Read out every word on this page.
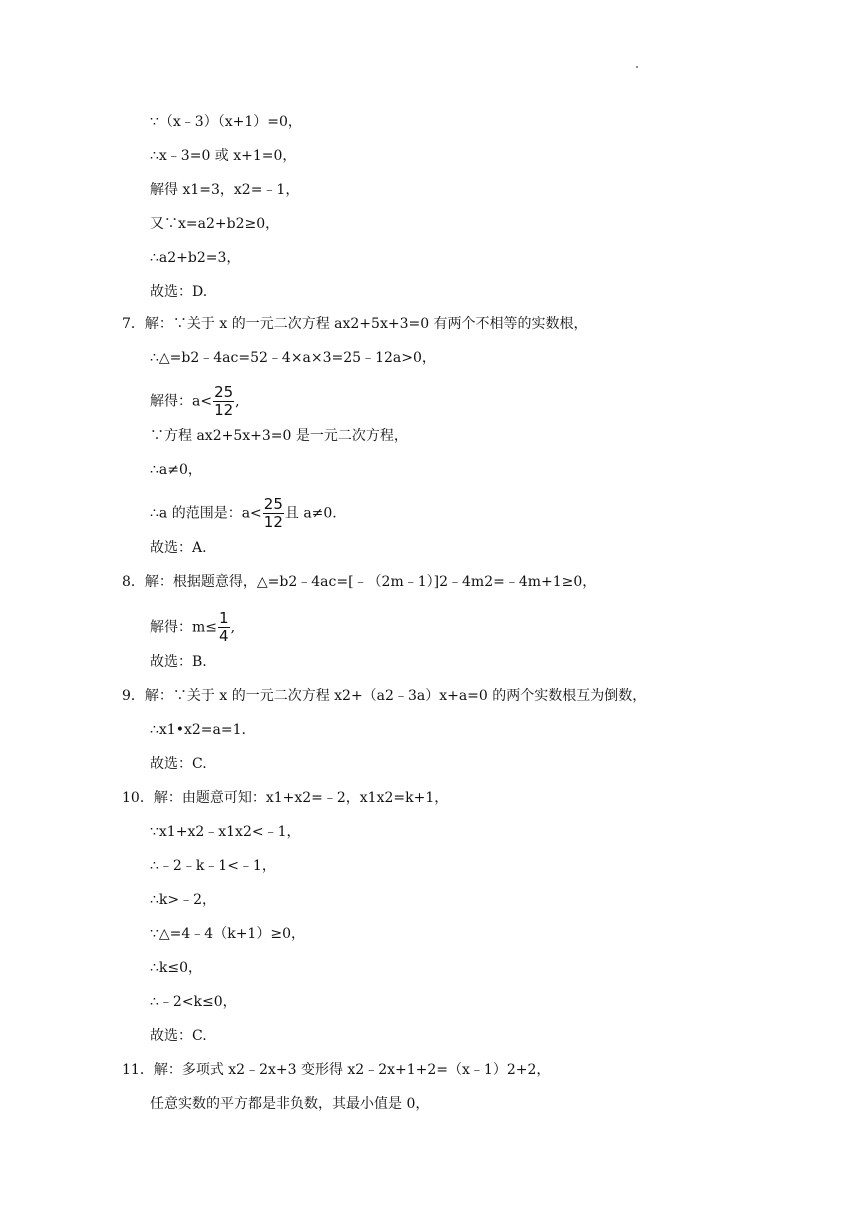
∵（x﹣3）（x+1）=0，
∴x﹣3=0 或 x+1=0，
解得 x1=3，x2=﹣1，
又∵x=a2+b2≥0，
∴a2+b2=3，
故选：D.
7．解：∵关于 x 的一元二次方程 ax2+5x+3=0 有两个不相等的实数根，
∴△=b2﹣4ac=52﹣4×a×3=25﹣12a>0，
解得：$a< \frac{25}{12}$ ,
∵方程 ax2+5x+3=0 是一元二次方程，
∴a≠0，
∴a 的范围是：$a< \frac{25}{12}$ 且 a≠0.
故选：A.
8．解：根据题意得，△=b2﹣4ac=[﹣（2m﹣1）]2﹣4m2=﹣4m+1≥0，
解得：$m\le \frac{1}{4}$ ,
故选：B.
9．解：∵关于 x 的一元二次方程 x2+（a2﹣3a）x+a=0 的两个实数根互为倒数，
∴x1•x2=a=1.
故选：C.
10．解：由题意可知：x1+x2=﹣2，x1x2=k+1，
∵x1+x2﹣x1x2<﹣1，
∴﹣2﹣k﹣1<﹣1，
∴k>﹣2，
∵△=4﹣4（k+1）≥0，
∴k≤0，
∴﹣2<k≤0，
故选：C.
11．解：多项式 x2﹣2x+3 变形得 x2﹣2x+1+2=（x﹣1）2+2，
任意实数的平方都是非负数，其最小值是 0，
